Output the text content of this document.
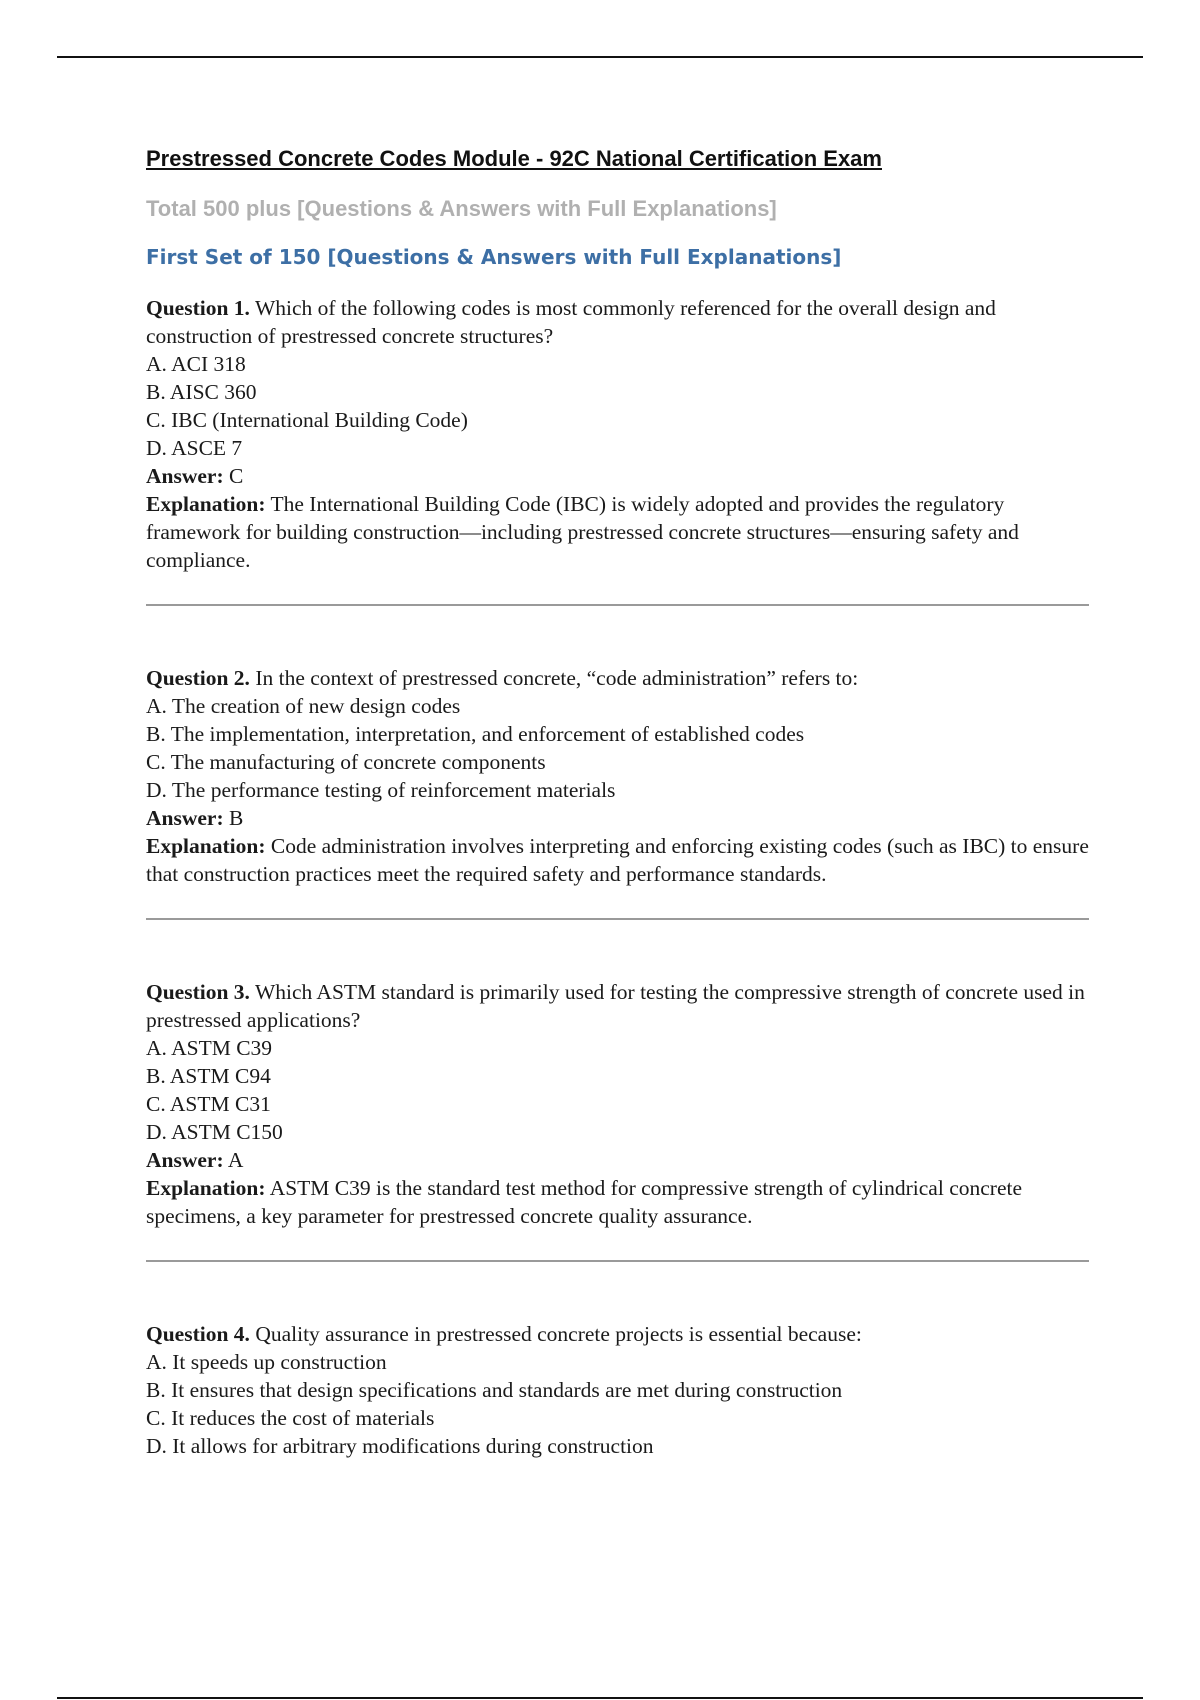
Prestressed Concrete Codes Module - 92C National Certification Exam
Total 500 plus [Questions & Answers with Full Explanations]
First Set of 150 [Questions & Answers with Full Explanations]

Question 1. Which of the following codes is most commonly referenced for the overall design and construction of prestressed concrete structures?

A. ACI 318

B. AISC 360

C. IBC (International Building Code)

D. ASCE 7

Answer: C

Explanation: The International Building Code (IBC) is widely adopted and provides the regulatory framework for building construction—including prestressed concrete structures—ensuring safety and compliance.

Question 2. In the context of prestressed concrete, “code administration” refers to:

A. The creation of new design codes

B. The implementation, interpretation, and enforcement of established codes

C. The manufacturing of concrete components

D. The performance testing of reinforcement materials

Answer: B

Explanation: Code administration involves interpreting and enforcing existing codes (such as IBC) to ensure that construction practices meet the required safety and performance standards.

Question 3. Which ASTM standard is primarily used for testing the compressive strength of concrete used in prestressed applications?

A. ASTM C39

B. ASTM C94

C. ASTM C31

D. ASTM C150

Answer: A

Explanation: ASTM C39 is the standard test method for compressive strength of cylindrical concrete specimens, a key parameter for prestressed concrete quality assurance.

Question 4. Quality assurance in prestressed concrete projects is essential because:

A. It speeds up construction

B. It ensures that design specifications and standards are met during construction

C. It reduces the cost of materials

D. It allows for arbitrary modifications during construction
